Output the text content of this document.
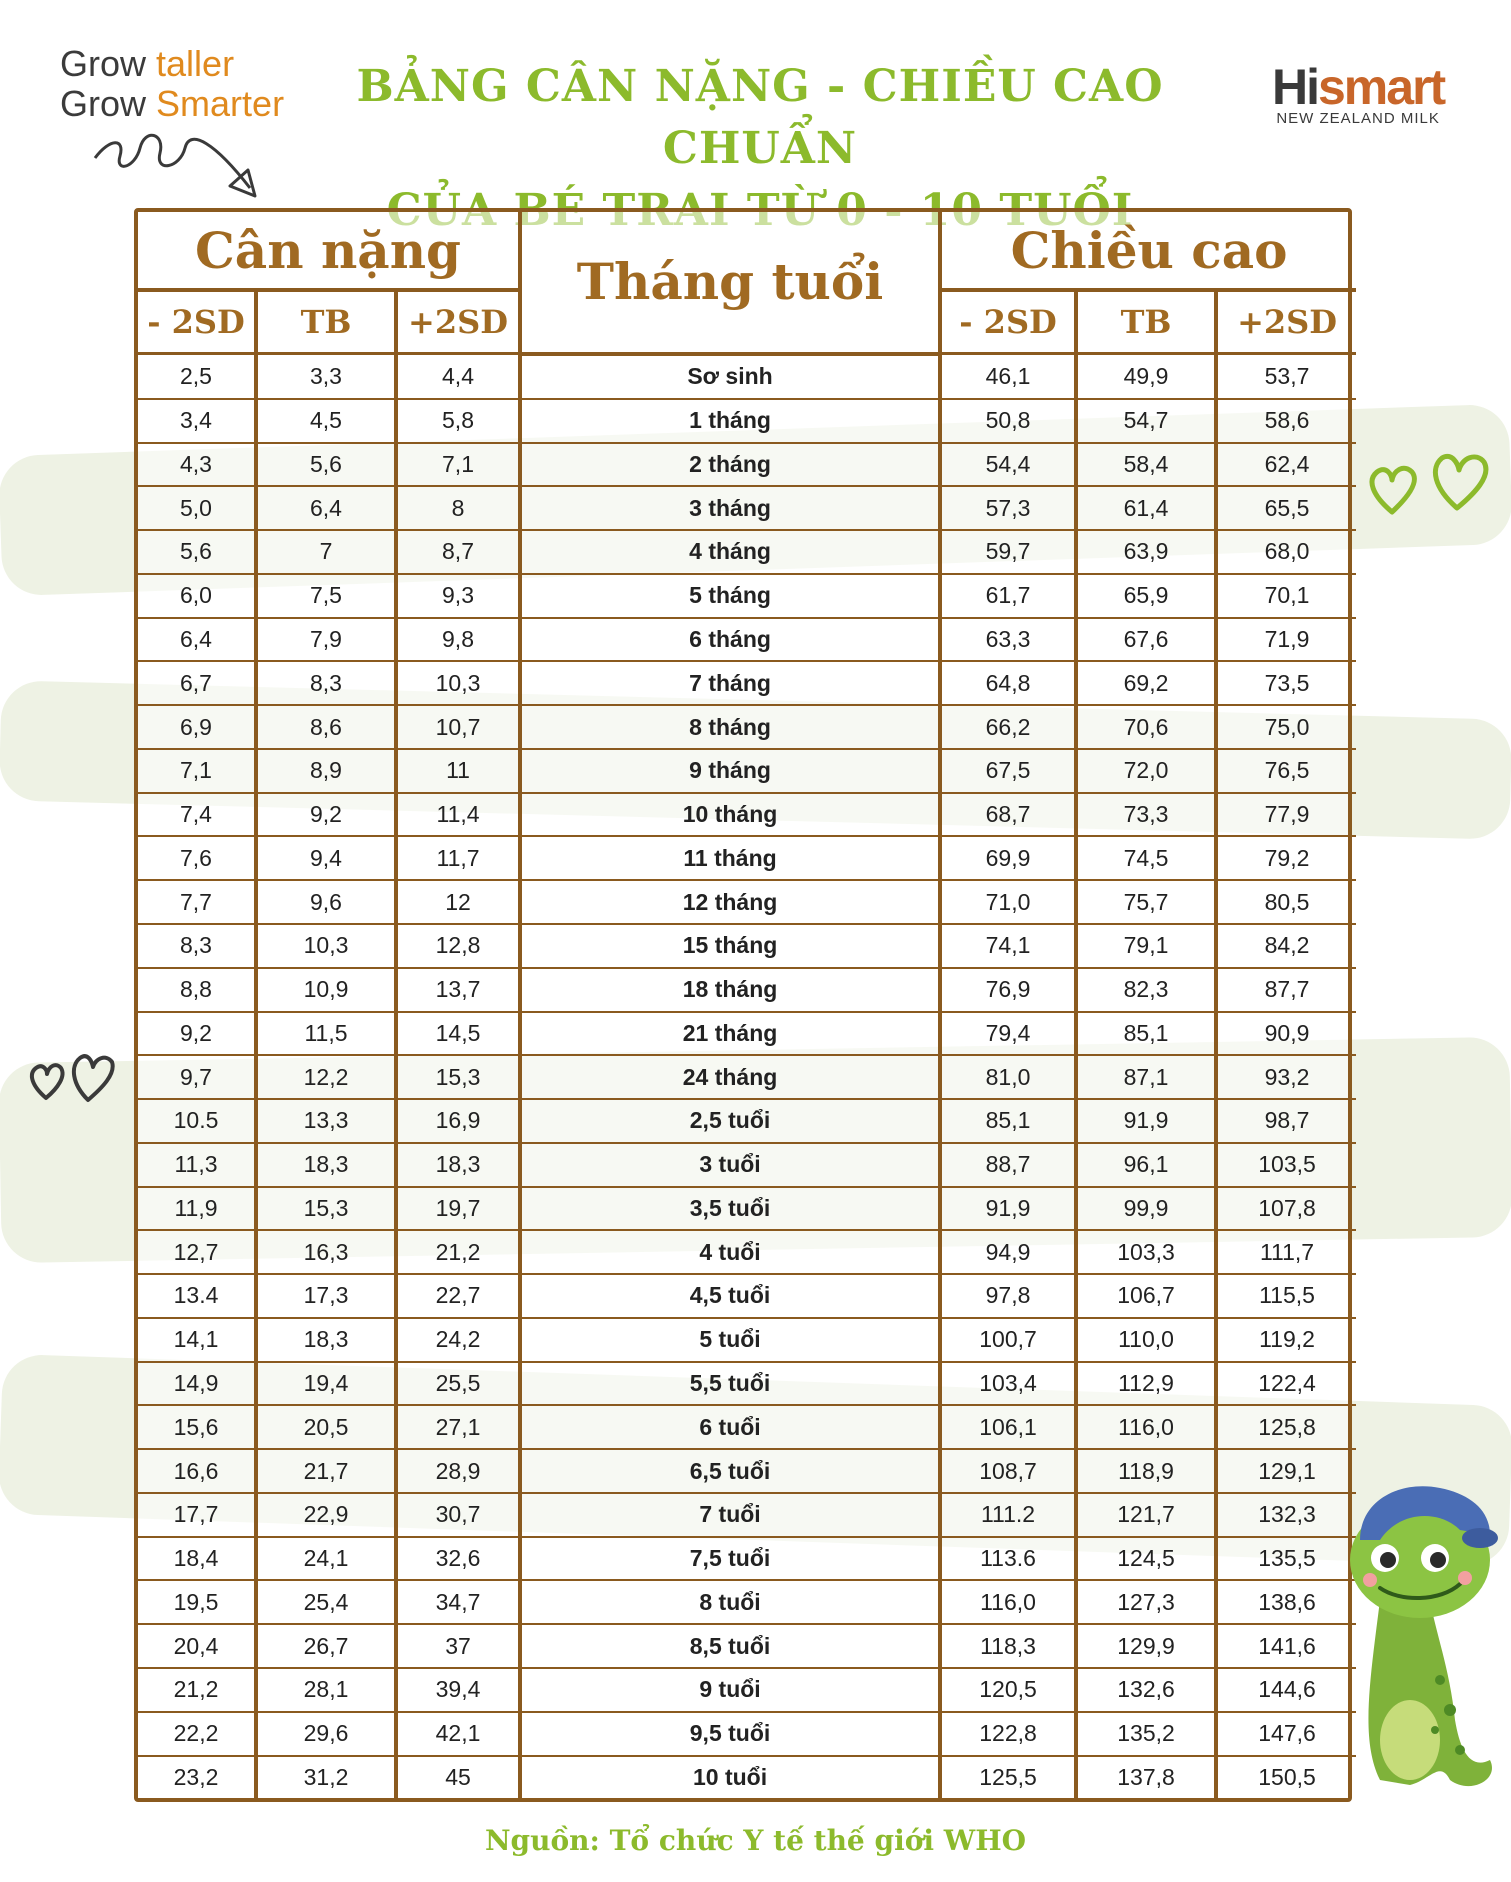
Grow taller
Grow Smarter	BẢNG CÂN NẶNG - CHIỀU CAO CHUẨN
Hismart
NEW ZEALAND MILK
Cân nặng			Tháng tuổi	Chiều cao		
- 2SD	TB	+2SD		- 2SD	TB	+2SD
2,5	3,3	4,4	Sơ sinh	46,1	49,9	53,7
3,4	4,5	5,8	1 tháng	50,8	54,7	58,6
4,3	5,6	7,1	2 tháng	54,4	58,4	62,4
5,0	6,4	8	3 tháng	57,3	61,4	65,5
5,6	7	8,7	4 tháng	59,7	63,9	68,0
6,0	7,5	9,3	5 tháng	61,7	65,9	70,1
6,4	7,9	9,8	6 tháng	63,3	67,6	71,9
6,7	8,3	10,3	7 tháng	64,8	69,2	73,5
6,9	8,6	10,7	8 tháng	66,2	70,6	75,0
7,1	8,9	11	9 tháng	67,5	72,0	76,5
7,4	9,2	11,4	10 tháng	68,7	73,3	77,9
7,6	9,4	11,7	11 tháng	69,9	74,5	79,2
7,7	9,6	12	12 tháng	71,0	75,7	80,5
8,3	10,3	12,8	15 tháng	74,1	79,1	84,2
8,8	10,9	13,7	18 tháng	76,9	82,3	87,7
9,2	11,5	14,5	21 tháng	79,4	85,1	90,9
9,7	12,2	15,3	24 tháng	81,0	87,1	93,2
10.5	13,3	16,9	2,5 tuổi	85,1	91,9	98,7
11,3	18,3	18,3	3 tuổi	88,7	96,1	103,5
11,9	15,3	19,7	3,5 tuổi	91,9	99,9	107,8
12,7	16,3	21,2	4 tuổi	94,9	103,3	111,7
13.4	17,3	22,7	4,5 tuổi	97,8	106,7	115,5
14,1	18,3	24,2	5 tuổi	100,7	110,0	119,2
14,9	19,4	25,5	5,5 tuổi	103,4	112,9	122,4
15,6	20,5	27,1	6 tuổi	106,1	116,0	125,8
16,6	21,7	28,9	6,5 tuổi	108,7	118,9	129,1
17,7	22,9	30,7	7 tuổi	111.2	121,7	132,3
18,4	24,1	32,6	7,5 tuổi	113.6	124,5	135,5
19,5	25,4	34,7	8 tuổi	116,0	127,3	138,6
20,4	26,7	37	8,5 tuổi	118,3	129,9	141,6
21,2	28,1	39,4	9 tuổi	120,5	132,6	144,6
22,2	29,6	42,1	9,5 tuổi	122,8	135,2	147,6
23,2	31,2	45	10 tuổi	125,5	137,8	150,5
Nguồn: Tổ chức Y tế thế giới WHO
